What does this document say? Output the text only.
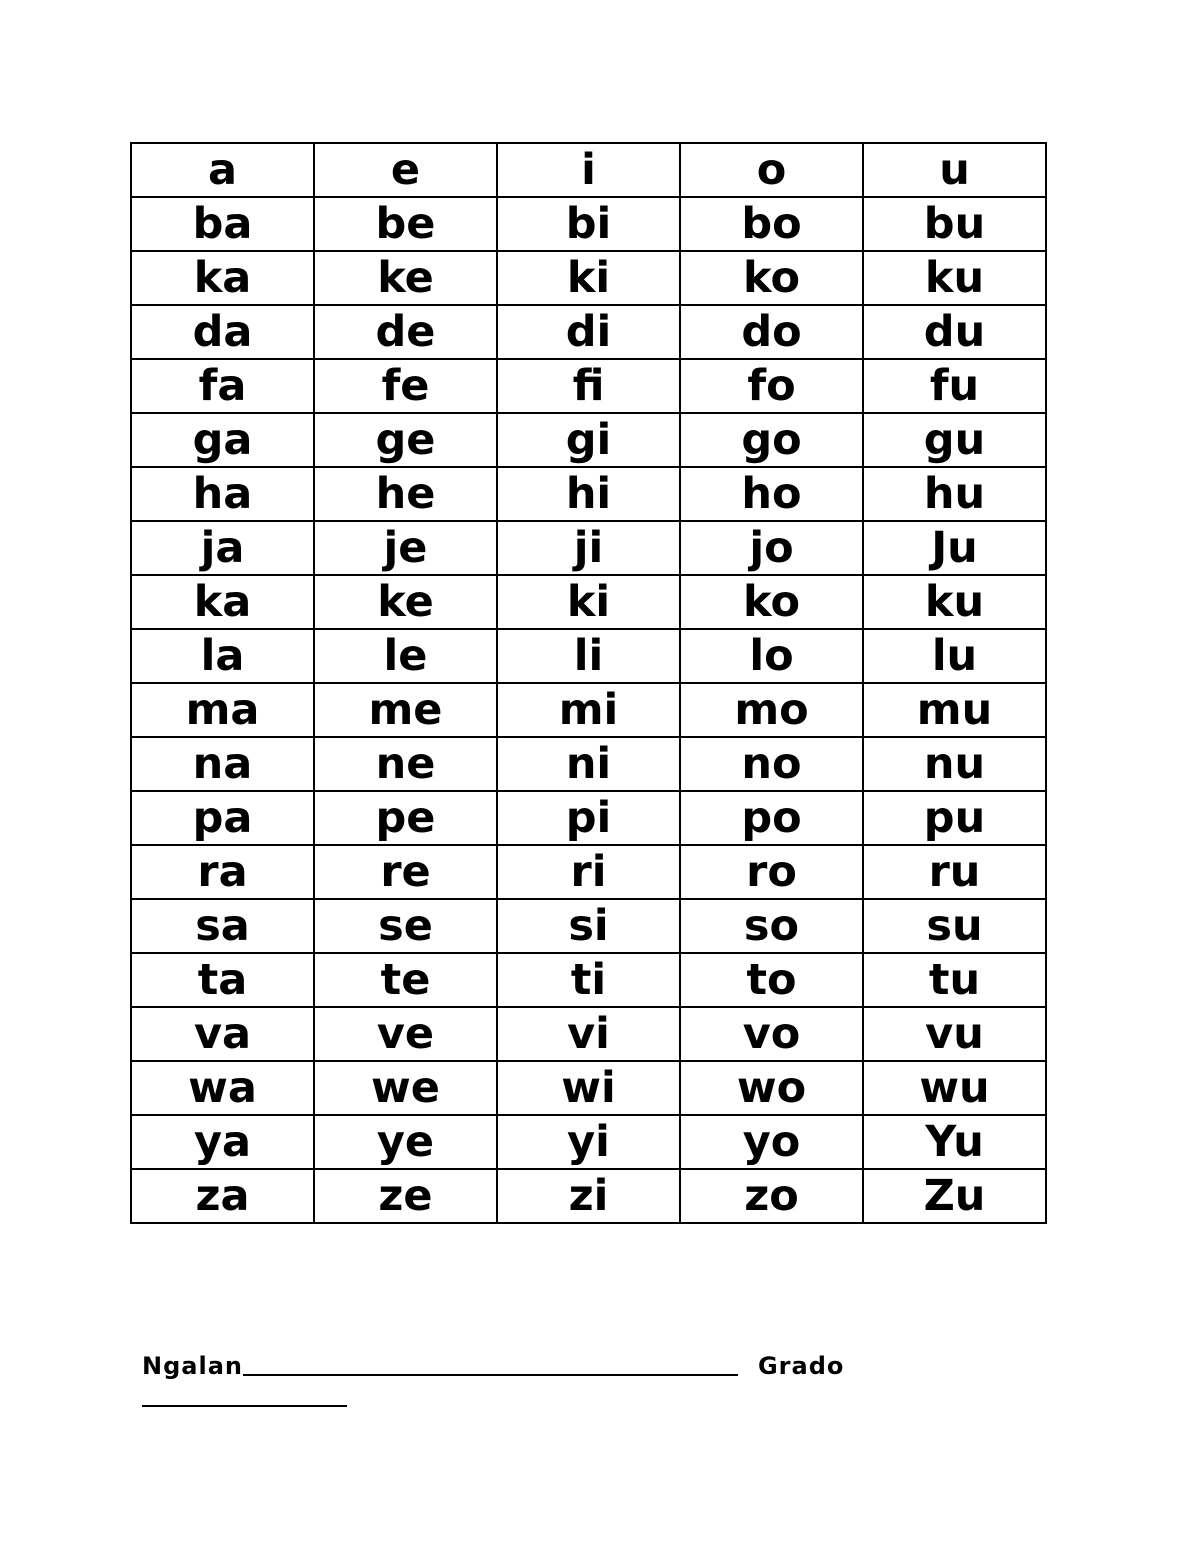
a	e	i	o	u
ba	be	bi	bo	bu
ka	ke	ki	ko	ku
da	de	di	do	du
fa	fe	fi	fo	fu
ga	ge	gi	go	gu
ha	he	hi	ho	hu
ja	je	ji	jo	Ju
ka	ke	ki	ko	ku
la	le	li	lo	lu
ma	me	mi	mo	mu
na	ne	ni	no	nu
pa	pe	pi	po	pu
ra	re	ri	ro	ru
sa	se	si	so	su
ta	te	ti	to	tu
va	ve	vi	vo	vu
wa	we	wi	wo	wu
ya	ye	yi	yo	Yu
za	ze	zi	zo	Zu
Ngalan	Grado
